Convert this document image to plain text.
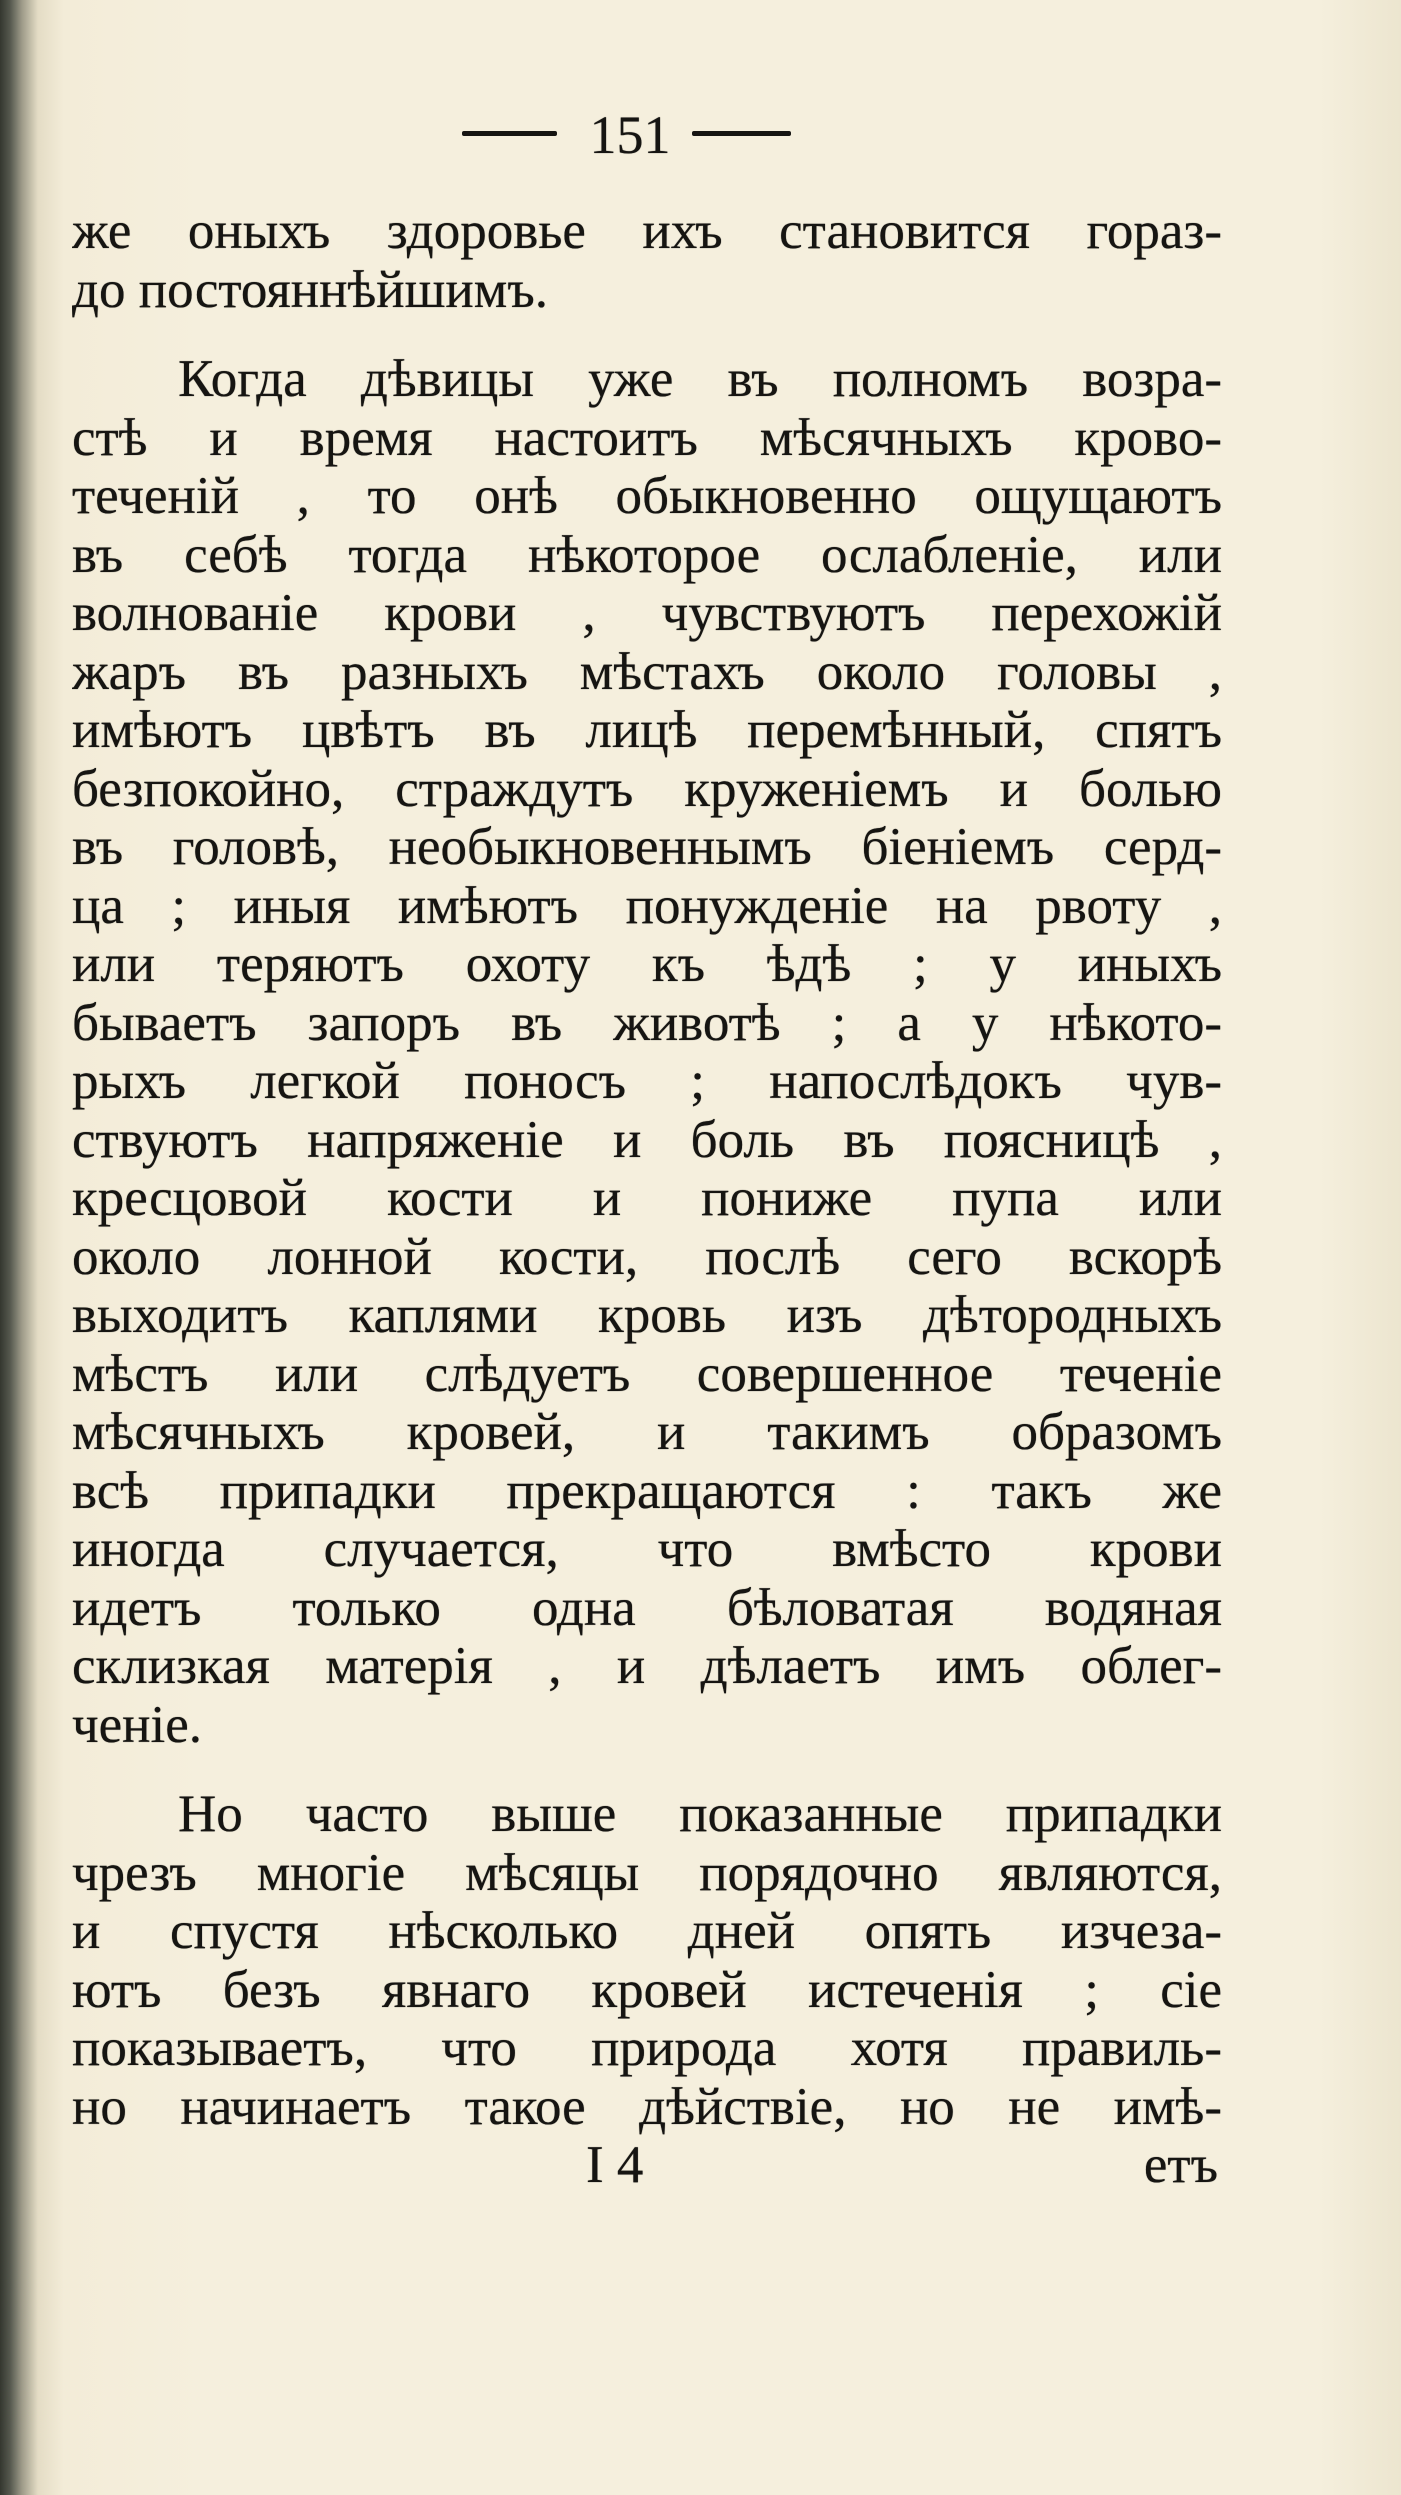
151
же оныхъ здоровье ихъ становится гораз-
до постояннѣйшимъ.
Когда дѣвицы уже въ полномъ возра-
стѣ и время настоитъ мѣсячныхъ крово-
теченій , то онѣ обыкновенно ощущаютъ
въ себѣ тогда нѣкоторое ослабленіе, или
волнованіе крови , чувствуютъ перехожій
жаръ въ разныхъ мѣстахъ около головы ,
имѣютъ цвѣтъ въ лицѣ перемѣнный, спятъ
безпокойно, страждутъ круженіемъ и болью
въ головѣ, необыкновеннымъ біеніемъ серд-
ца ; иныя имѣютъ понужденіе на рвоту ,
или теряютъ охоту къ ѣдѣ ; у иныхъ
бываетъ запоръ въ животѣ ; а у нѣкото-
рыхъ легкой поносъ ; напослѣдокъ чув-
ствуютъ напряженіе и боль въ поясницѣ ,
кресцовой кости и пониже пупа или
около лонной кости, послѣ сего вскорѣ
выходитъ каплями кровь изъ дѣтородныхъ
мѣстъ или слѣдуетъ совершенное теченіе
мѣсячныхъ кровей, и такимъ образомъ
всѣ припадки прекращаются : такъ же
иногда случается, что вмѣсто крови
идетъ только одна бѣловатая водяная
склизкая матерія , и дѣлаетъ имъ облег-
ченіе.
Но часто выше показанные припадки
чрезъ многіе мѣсяцы порядочно являются,
и спустя нѣсколько дней опять изчеза-
ютъ безъ явнаго кровей истеченія ; сіе
показываетъ, что природа хотя правиль-
но начинаетъ такое дѣйствіе, но не имѣ-
I 4	етъ
